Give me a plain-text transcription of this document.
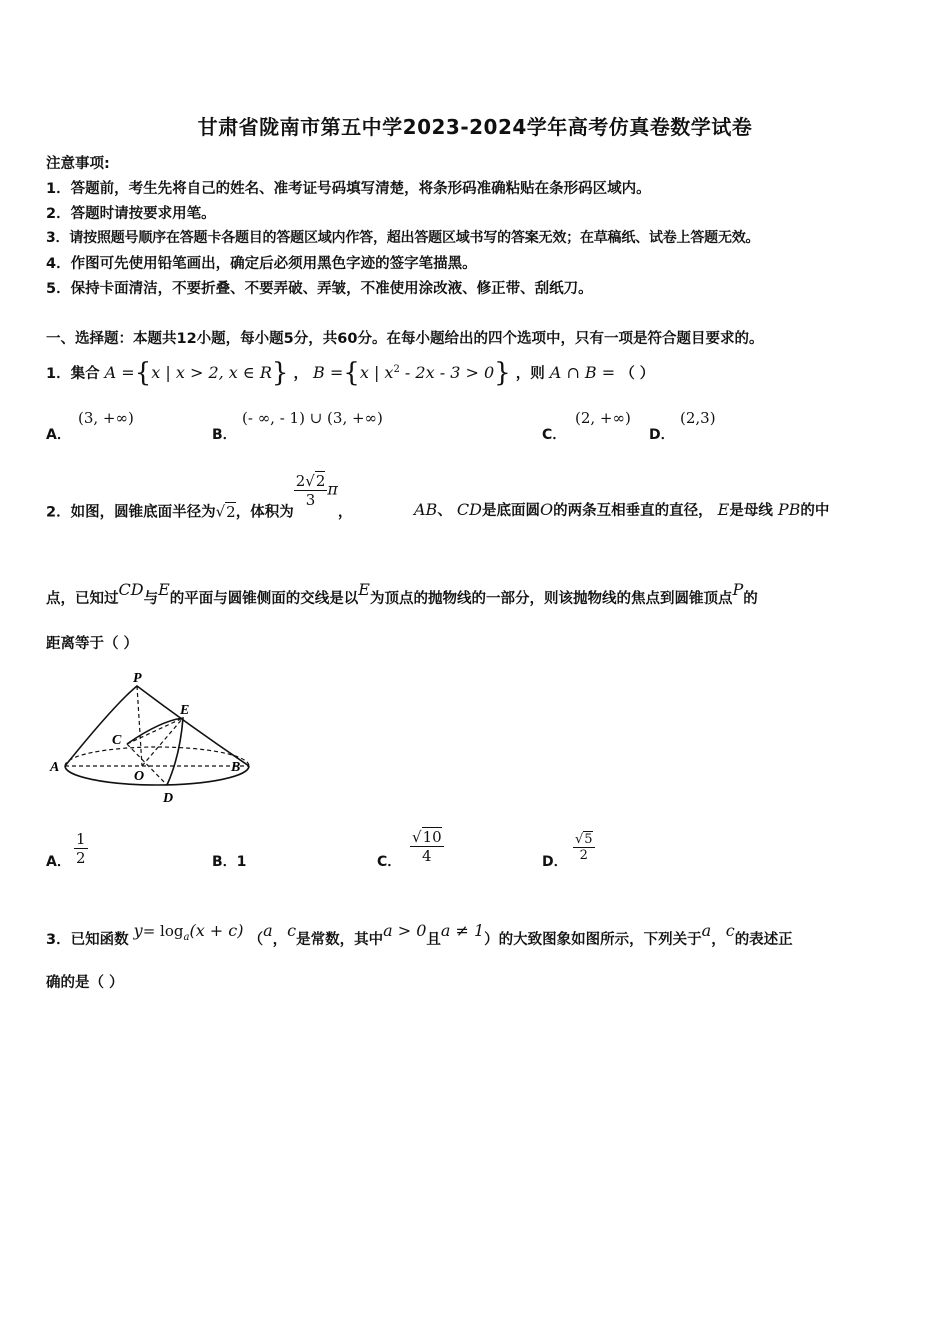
甘肃省陇南市第五中学2023-2024学年高考仿真卷数学试卷
注意事项:
1．答题前，考生先将自己的姓名、准考证号码填写清楚，将条形码准确粘贴在条形码区域内。
2．答题时请按要求用笔。
3．请按照题号顺序在答题卡各题目的答题区域内作答，超出答题区域书写的答案无效；在草稿纸、试卷上答题无效。
4．作图可先使用铅笔画出，确定后必须用黑色字迹的签字笔描黑。
5．保持卡面清洁，不要折叠、不要弄破、弄皱，不准使用涂改液、修正带、刮纸刀。
一、选择题：本题共12小题，每小题5分，共60分。在每小题给出的四个选项中，只有一项是符合题目要求的。
1．集合 A ={x | x > 2, x ∈ R} ， B ={x | $x^2 - 2x - 3 > 0$} ，则 A ∩ B = （ ）
A．
(3, +∞)
B．
(- ∞, - 1) ∪ (3, +∞)
C．
(2, +∞)
D．
(2,3)
2．如图，圆锥底面半径为√2，体积为
$\frac{2√2}{3}$ π，	AB、 CD是底面圆O的两条互相垂直的直径， E是母线 PB的中
点，已知过CD与E的平面与圆锥侧面的交线是以E为顶点的抛物线的一部分，则该抛物线的焦点到圆锥顶点P的
距离等于（ ）
P
E
C
A
O
B
D
A． $\frac{1}{2}$	B．1	C． $\frac{√10}{4}$	D． $\frac{√5}{2}$
3．已知函数 $y= \log_a(x + c)$ （a，c是常数，其中a > 0且a ≠ 1）的大致图象如图所示，下列关于a，c的表述正
确的是（ ）
